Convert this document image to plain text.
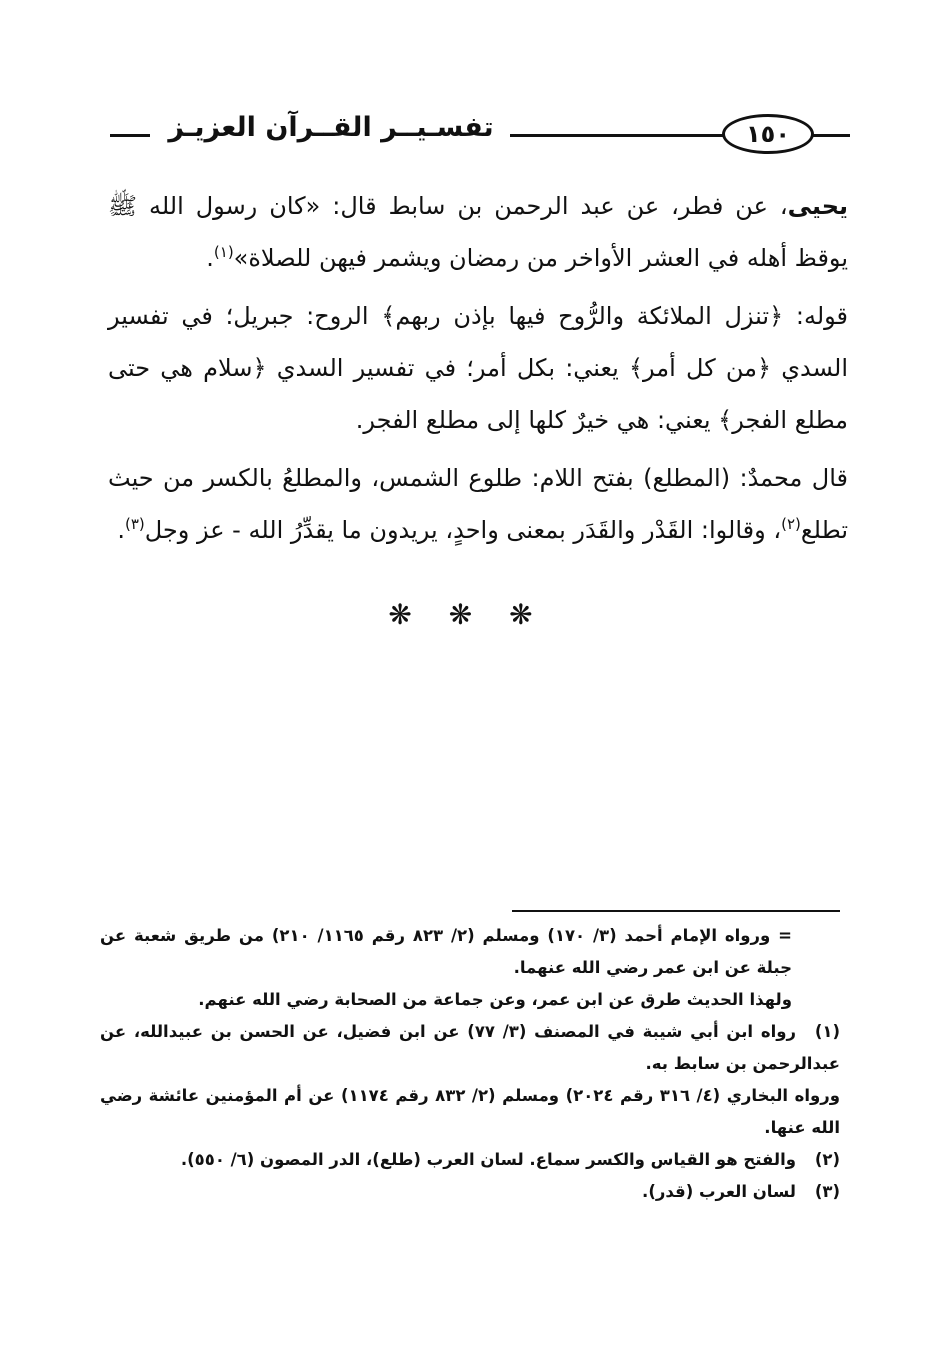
تفسـيــر القــرآن العزيـز	١٥٠

يحيى، عن فطر، عن عبد الرحمن بن سابط قال: «كان رسول الله ﷺ يوقظ أهله في العشر الأواخر من رمضان ويشمر فيهن للصلاة»$^{(١)}$.

قوله: ﴿تنزل الملائكة والرُّوح فيها بإذن ربهم﴾ الروح: جبريل؛ في تفسير السدي ﴿من كل أمر﴾ يعني: بكل أمر؛ في تفسير السدي ﴿سلام هي حتى مطلع الفجر﴾ يعني: هي خيرٌ كلها إلى مطلع الفجر.

قال محمدٌ: (المطلع) بفتح اللام: طلوع الشمس، والمطلعُ بالكسر من حيث تطلع$^{(٢)}$، وقالوا: القَدْر والقَدَر بمعنى واحدٍ، يريدون ما يقدِّرُ الله - عز وجل$^{(٣)}$.

❋ ❋ ❋

= ورواه الإمام أحمد (٣/ ١٧٠) ومسلم (٢/ ٨٢٣ رقم ١١٦٥/ ٢١٠) من طريق شعبة عن جبلة عن ابن عمر رضي الله عنهما.

ولهذا الحديث طرق عن ابن عمر، وعن جماعة من الصحابة رضي الله عنهم.

(١)رواه ابن أبي شيبة في المصنف (٣/ ٧٧) عن ابن فضيل، عن الحسن بن عبيدالله، عن عبدالرحمن بن سابط به.

ورواه البخاري (٤/ ٣١٦ رقم ٢٠٢٤) ومسلم (٢/ ٨٣٢ رقم ١١٧٤) عن أم المؤمنين عائشة رضي الله عنها.

(٢)والفتح هو القياس والكسر سماع. لسان العرب (طلع)، الدر المصون (٦/ ٥٥٠).

(٣)لسان العرب (قدر).
